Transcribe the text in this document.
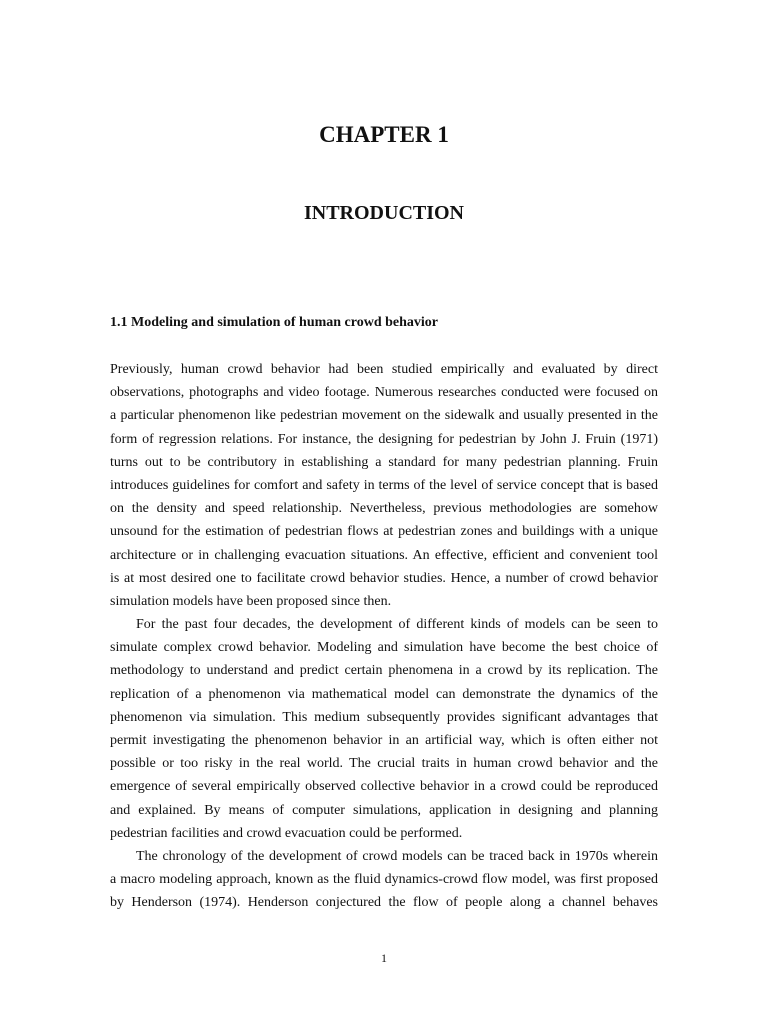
CHAPTER 1
INTRODUCTION
1.1 Modeling and simulation of human crowd behavior
Previously, human crowd behavior had been studied empirically and evaluated by direct
observations, photographs and video footage. Numerous researches conducted were focused on
a particular phenomenon like pedestrian movement on the sidewalk and usually presented in the
form of regression relations. For instance, the designing for pedestrian by John J. Fruin (1971)
turns out to be contributory in establishing a standard for many pedestrian planning. Fruin
introduces guidelines for comfort and safety in terms of the level of service concept that is based
on the density and speed relationship. Nevertheless, previous methodologies are somehow
unsound for the estimation of pedestrian flows at pedestrian zones and buildings with a unique
architecture or in challenging evacuation situations. An effective, efficient and convenient tool
is at most desired one to facilitate crowd behavior studies. Hence, a number of crowd behavior
simulation models have been proposed since then.
For the past four decades, the development of different kinds of models can be seen to
simulate complex crowd behavior. Modeling and simulation have become the best choice of
methodology to understand and predict certain phenomena in a crowd by its replication. The
replication of a phenomenon via mathematical model can demonstrate the dynamics of the
phenomenon via simulation. This medium subsequently provides significant advantages that
permit investigating the phenomenon behavior in an artificial way, which is often either not
possible or too risky in the real world. The crucial traits in human crowd behavior and the
emergence of several empirically observed collective behavior in a crowd could be reproduced
and explained. By means of computer simulations, application in designing and planning
pedestrian facilities and crowd evacuation could be performed.
The chronology of the development of crowd models can be traced back in 1970s wherein
a macro modeling approach, known as the fluid dynamics-crowd flow model, was first proposed
by Henderson (1974). Henderson conjectured the flow of people along a channel behaves
1
